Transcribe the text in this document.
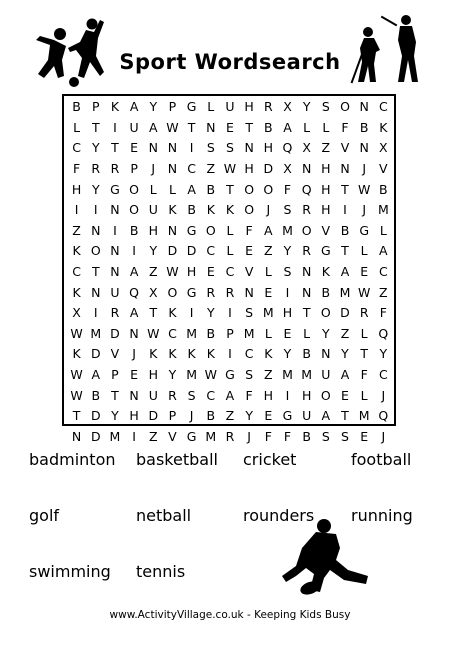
Sport Wordsearch
B P K A Y P G L U H R X Y S O N C
L T	I	U A W T N E T B A L L F B K
C Y T E N N	I	S S N H Q X Z V N X
F R R P	J	N C Z W H D X N H N	J	V
H Y G O L L A B T O O F Q H T W B
I	I	N O U K B K K O J	S R H	I	J M
Z N	I	B H N G O L F A M O V B G L
K O N	I	Y D D C L E Z Y R G T L A
C T N A Z W H E C V L S N K A E C
K N U Q X O G R R N E	I	N B M W Z
X	I	R A T K	I	Y	I	S M H T O D R F
W M D N W C M B P M L E L Y Z L Q
K D V	J	K K K K	I	C K Y B N Y T Y
W A P E H Y M W G S Z M M U A F C
W B T N U R S C A F H	I	H O E L	J
T D Y H D P	J	B Z Y E G U A T M Q
N D M I	Z V G M R	J	F F B S S E	J
badminton basketball cricket	football
golf	netball	rounders running
swimming tennis
www.ActivityVillage.co.uk - Keeping Kids Busy
